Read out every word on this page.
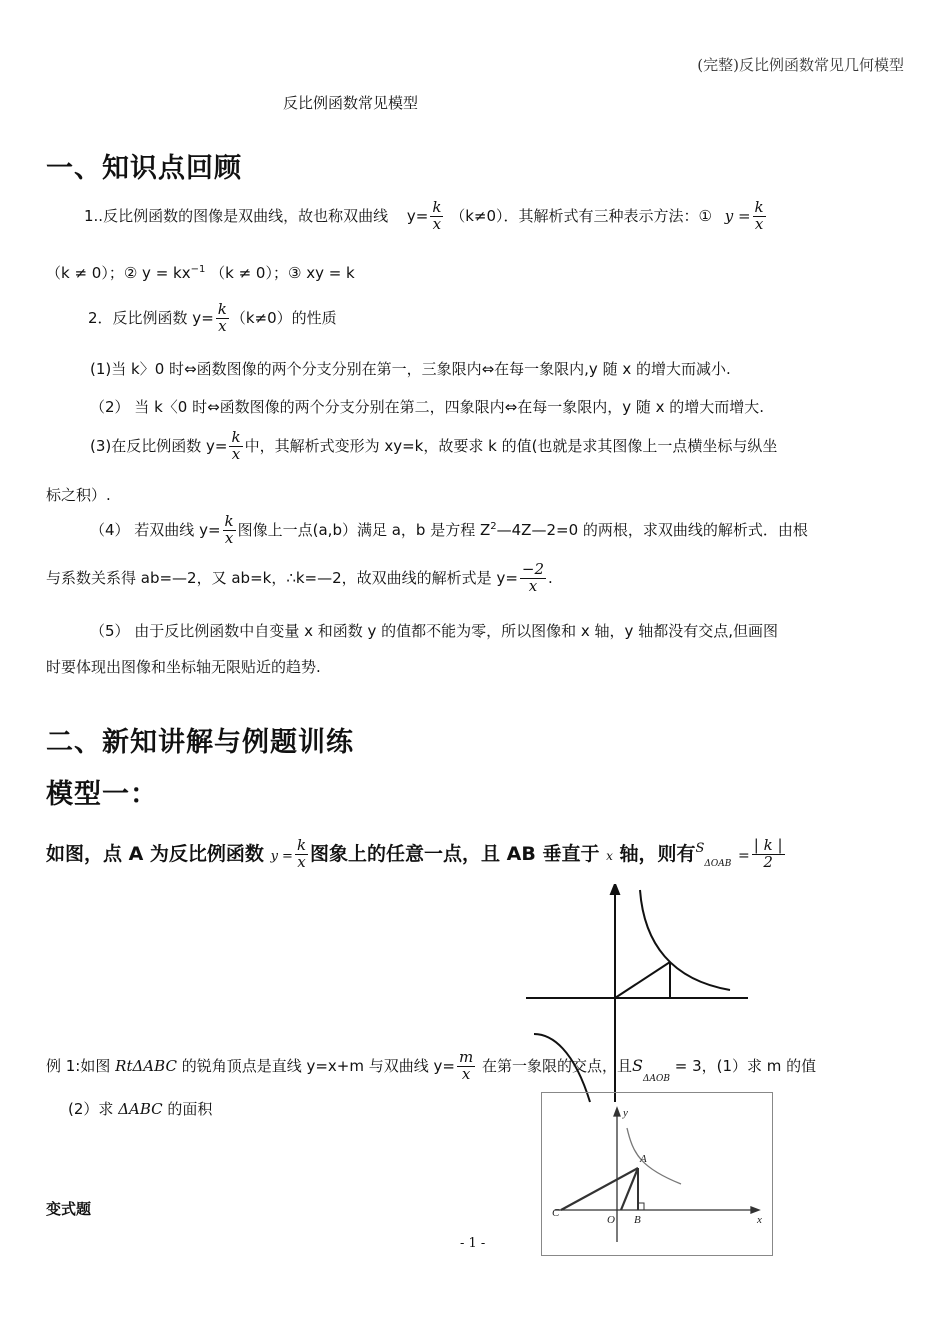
(完整)反比例函数常见几何模型
反比例函数常见模型
一、知识点回顾
1..反比例函数的图像是双曲线，故也称双曲线 $y= \frac{k}{x} (k\ne 0)$．其解析式有三种表示方法：① $y = \frac{k}{x}$
（k ≠ 0）；② $y = kx^{-1}$ （k ≠ 0）；③ xy = k
2．反比例函数 $y= \frac{k}{x} (k\ne 0)$的性质
(1)当 k〉0 时⇔函数图像的两个分支分别在第一，三象限内⇔在每一象限内,y 随 x 的增大而减小.
（2） 当 k〈0 时⇔函数图像的两个分支分别在第二，四象限内⇔在每一象限内，y 随 x 的增大而增大.
(3)在反比例函数 $y= \frac{k}{x}$ 中，其解析式变形为 xy=k，故要求 k 的值(也就是求其图像上一点横坐标与纵坐
标之积）.
（4） 若双曲线 $y= \frac{k}{x}$ 图像上一点(a,b）满足 a，b 是方程 $Z^2—4Z—2=0$ 的两根，求双曲线的解析式．由根
与系数关系得 ab=—2，又 ab=k，∴k=—2，故双曲线的解析式是 $y= \frac{-2}{x}$ .
（5） 由于反比例函数中自变量 x 和函数 y 的值都不能为零，所以图像和 x 轴，y 轴都没有交点,但画图
时要体现出图像和坐标轴无限贴近的趋势.
二、新知讲解与例题训练
模型一：
如图，点 A 为反比例函数 $y = \frac{k}{x}$ 图象上的任意一点，且 AB 垂直于 x 轴，则有$^S_{\Delta OAB} = \frac{| k |}{2}$
例 1:如图 RtΔABC 的锐角顶点是直线 y=x+m 与双曲线 $y= \frac{m}{x}$ 在第一象限的交点，且$S_{\Delta AOB} = 3$，(1）求 m 的值
(2）求 ΔABC 的面积	y
x
A
B
C
O
变式题
- 1 -
